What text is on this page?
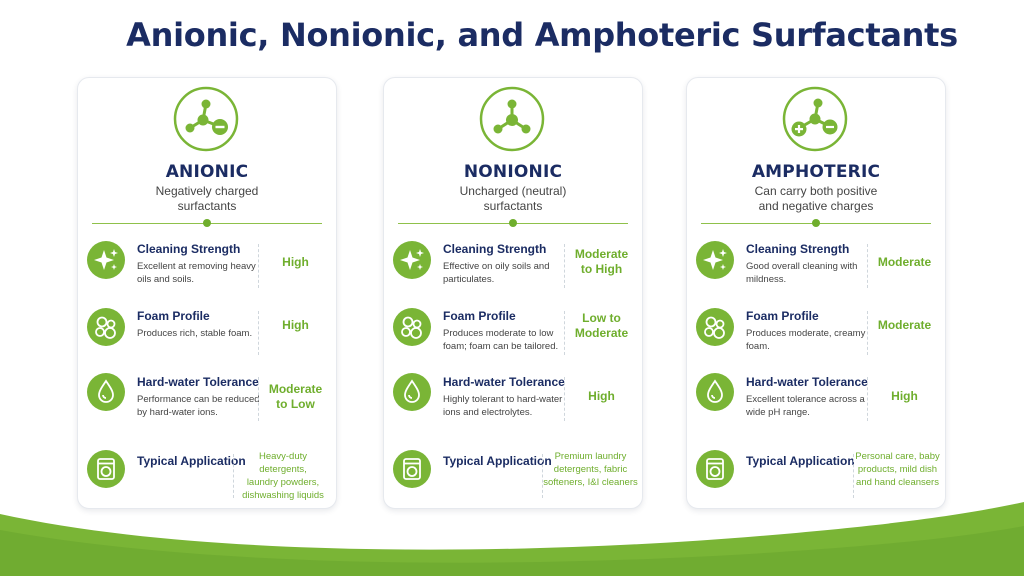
Anionic, Nonionic, and Amphoteric Surfactants
ANIONIC
Negatively charged
surfactants
Cleaning Strength
Excellent at removing heavy oils and soils.
High
Foam Profile
Produces rich, stable foam.
High
Hard-water Tolerance
Performance can be reduced by hard-water ions.
Moderate
to Low
Typical Application	Heavy-duty detergents,
laundry powders,
dishwashing liquids
NONIONIC
Uncharged (neutral)
surfactants
Cleaning Strength
Effective on oily soils and particulates.
Moderate
to High
Foam Profile
Produces moderate to low foam; foam can be tailored.
Low to
Moderate
Hard-water Tolerance
Highly tolerant to hard-water ions and electrolytes.
High
Typical Application Premium laundry
detergents, fabric
softeners, I&I cleaners
AMPHOTERIC
Can carry both positive
and negative charges
Cleaning Strength
Good overall cleaning with mildness.
Moderate
Foam Profile
Produces moderate, creamy foam.
Moderate
Hard-water Tolerance
Excellent tolerance across a wide pH range.
High
Typical Application Personal care, baby
products, mild dish
and hand cleansers
